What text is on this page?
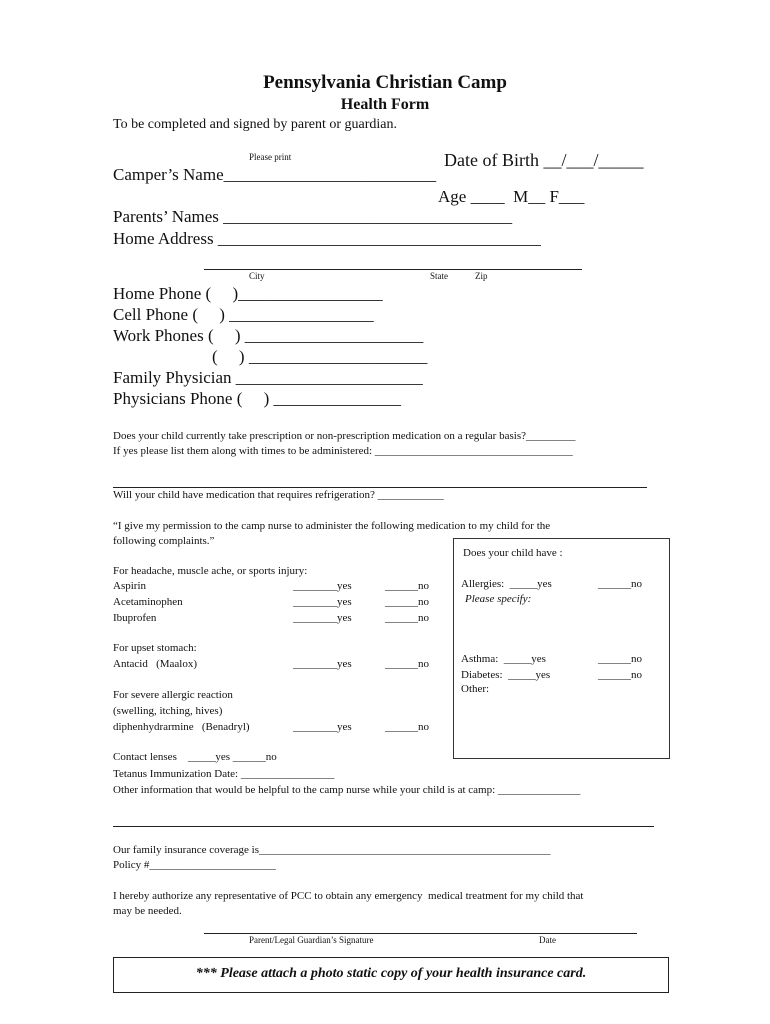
Pennsylvania Christian Camp
Health Form
To be completed and signed by parent or guardian.
Please print	Date of Birth __/___/_____
Camper’s Name_________________________
Age ____  M__ F___
Parents’ Names __________________________________
Home Address ______________________________________
City	State	Zip
Home Phone (     )_________________
Cell Phone (     ) _________________
Work Phones (     ) _____________________
(     ) _____________________
Family Physician ______________________
Physicians Phone (     ) _______________
Does your child currently take prescription or non-prescription medication on a regular basis?_________
If yes please list them along with times to be administered: ____________________________________
Will your child have medication that requires refrigeration? ____________
“I give my permission to the camp nurse to administer the following medication to my child for the
following complaints.”
For headache, muscle ache, or sports injury:
Aspirin	________yes	______no
Acetaminophen	________yes	______no
Ibuprofen	________yes	______no
For upset stomach:
Antacid   (Maalox)	________yes	______no
For severe allergic reaction
(swelling, itching, hives)
diphenhydrarmine   (Benadryl)	________yes	______no
Does your child have :
Allergies:  _____yes	______no
Please specify:
Asthma:  _____yes	______no
Diabetes:  _____yes	______no
Other:
Contact lenses    _____yes ______no
Tetanus Immunization Date: _________________
Other information that would be helpful to the camp nurse while your child is at camp: _______________
Our family insurance coverage is_____________________________________________________
Policy #_______________________
I hereby authorize any representative of PCC to obtain any emergency  medical treatment for my child that
may be needed.
Parent/Legal Guardian’s Signature	Date
*** Please attach a photo static copy of your health insurance card.
